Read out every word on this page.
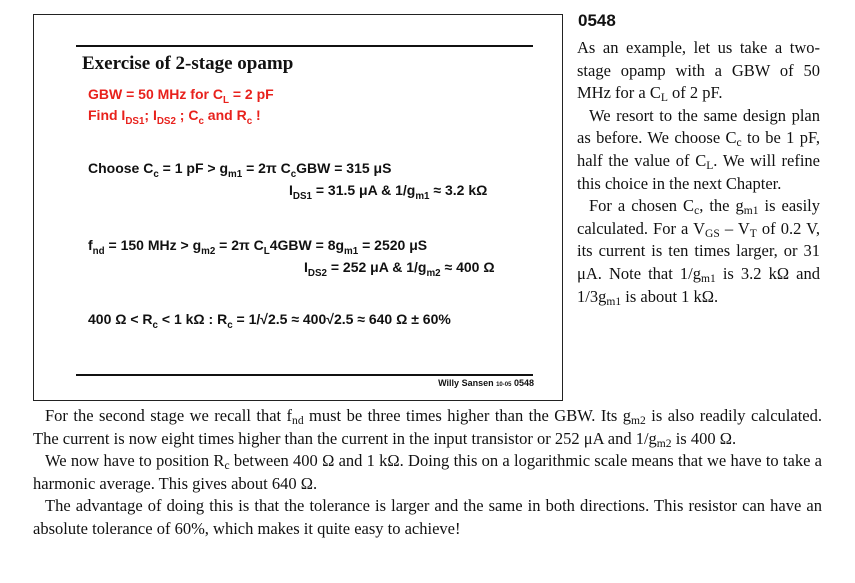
Exercise of 2-stage opamp
GBW = 50 MHz for $C_L = 2$ pF
Find $I_{DS1}$; $I_{DS2}$ ; $C_c$ and $R_c$ !
Choose $C_c = 1$ pF > $g_{m1} = 2\pi$ $C_cGBW = 315$ μS
$I_{DS1} = 31.5$ μA & $1/g_{m1} \approx 3.2$ kΩ
$f_{nd} = 150$ MHz > $g_{m2} = 2\pi$ $C_L4GBW = 8g_{m1} = 2520$ μS
$I_{DS2} = 252$ μA & $1/g_{m2} \approx 400$ Ω
400 $\Omega < R_c < 1$ kΩ : $R_c = 1/√2.5 \approx 400√2.5 \approx 640$ Ω ± 60%
Willy Sansen 10-05 0548
0548

As an example, let us take a two-stage opamp with a GBW of 50 MHz for a $C_L$ of 2 pF.

We resort to the same design plan as before. We choose $C_c$ to be 1 pF, half the value of $C_L$. We will refine this choice in the next Chapter.

For a chosen $C_c$, the $g_{m1}$ is easily calculated. For a $V_{GS} - V_T$ of 0.2 V, its current is ten times larger, or 31 μA. Note that $1/g_{m1}$ is 3.2 kΩ and $1/3g_{m1}$ is about 1 kΩ.

For the second stage we recall that $f_{nd}$ must be three times higher than the GBW. Its $g_{m2}$ is also readily calculated. The current is now eight times higher than the current in the input transistor or 252 μA and $1/g_{m2}$ is 400 Ω.

We now have to position $R_c$ between 400 Ω and 1 kΩ. Doing this on a logarithmic scale means that we have to take a harmonic average. This gives about 640 Ω.

The advantage of doing this is that the tolerance is larger and the same in both directions. This resistor can have an absolute tolerance of 60%, which makes it quite easy to achieve!
